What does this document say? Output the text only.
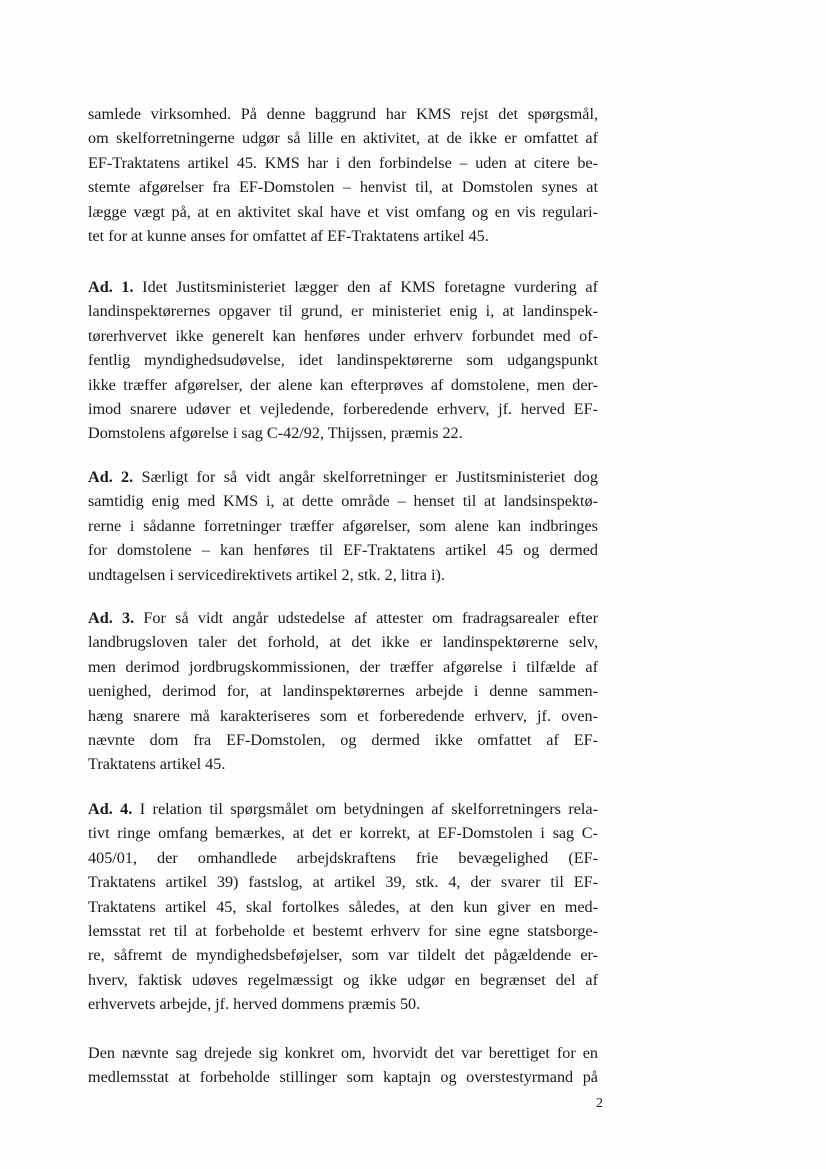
samlede virksomhed. På denne baggrund har KMS rejst det spørgsmål,
om skelforretningerne udgør så lille en aktivitet, at de ikke er omfattet af
EF-Traktatens artikel 45. KMS har i den forbindelse – uden at citere be-
stemte afgørelser fra EF-Domstolen – henvist til, at Domstolen synes at
lægge vægt på, at en aktivitet skal have et vist omfang og en vis regulari-
tet for at kunne anses for omfattet af EF-Traktatens artikel 45.
Ad. 1. Idet Justitsministeriet lægger den af KMS foretagne vurdering af
landinspektørernes opgaver til grund, er ministeriet enig i, at landinspek-
tørerhvervet ikke generelt kan henføres under erhverv forbundet med of-
fentlig myndighedsudøvelse, idet landinspektørerne som udgangspunkt
ikke træffer afgørelser, der alene kan efterprøves af domstolene, men der-
imod snarere udøver et vejledende, forberedende erhverv, jf. herved EF-
Domstolens afgørelse i sag C-42/92, Thijssen, præmis 22.
Ad. 2. Særligt for så vidt angår skelforretninger er Justitsministeriet dog
samtidig enig med KMS i, at dette område – henset til at landsinspektø-
rerne i sådanne forretninger træffer afgørelser, som alene kan indbringes
for domstolene – kan henføres til EF-Traktatens artikel 45 og dermed
undtagelsen i servicedirektivets artikel 2, stk. 2, litra i).
Ad. 3. For så vidt angår udstedelse af attester om fradragsarealer efter
landbrugsloven taler det forhold, at det ikke er landinspektørerne selv,
men derimod jordbrugskommissionen, der træffer afgørelse i tilfælde af
uenighed, derimod for, at landinspektørernes arbejde i denne sammen-
hæng snarere må karakteriseres som et forberedende erhverv, jf. oven-
nævnte dom fra EF-Domstolen, og dermed ikke omfattet af EF-
Traktatens artikel 45.
Ad. 4. I relation til spørgsmålet om betydningen af skelforretningers rela-
tivt ringe omfang bemærkes, at det er korrekt, at EF-Domstolen i sag C-
405/01, der omhandlede arbejdskraftens frie bevægelighed (EF-
Traktatens artikel 39) fastslog, at artikel 39, stk. 4, der svarer til EF-
Traktatens artikel 45, skal fortolkes således, at den kun giver en med-
lemsstat ret til at forbeholde et bestemt erhverv for sine egne statsborge-
re, såfremt de myndighedsbeføjelser, som var tildelt det pågældende er-
hverv, faktisk udøves regelmæssigt og ikke udgør en begrænset del af
erhvervets arbejde, jf. herved dommens præmis 50.
Den nævnte sag drejede sig konkret om, hvorvidt det var berettiget for en
medlemsstat at forbeholde stillinger som kaptajn og overstestyrmand på
2
